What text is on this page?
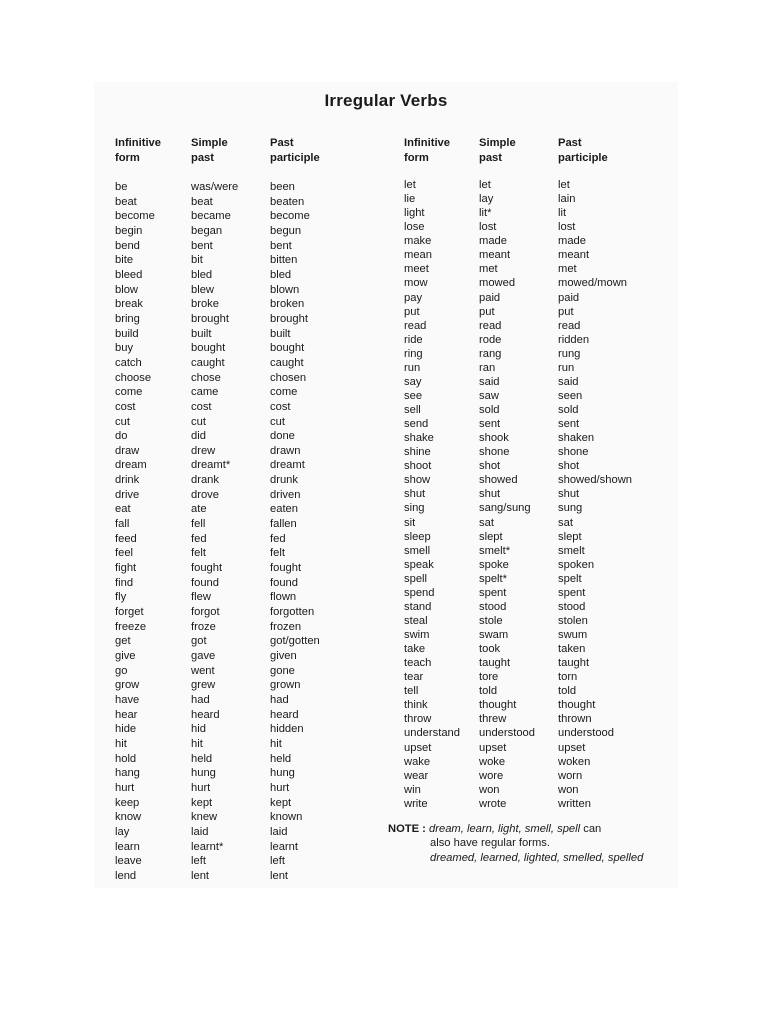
Irregular Verbs
Infinitive
form
be
beat
become
begin
bend
bite
bleed
blow
break
bring
build
buy
catch
choose
come
cost
cut
do
draw
dream
drink
drive
eat
fall
feed
feel
fight
find
fly
forget
freeze
get
give
go
grow
have
hear
hide
hit
hold
hang
hurt
keep
know
lay
learn
leave
lend
Simple
past
was/were
beat
became
began
bent
bit
bled
blew
broke
brought
built
bought
caught
chose
came
cost
cut
did
drew
dreamt*
drank
drove
ate
fell
fed
felt
fought
found
flew
forgot
froze
got
gave
went
grew
had
heard
hid
hit
held
hung
hurt
kept
knew
laid
learnt*
left
lent
Past
participle
been
beaten
become
begun
bent
bitten
bled
blown
broken
brought
built
bought
caught
chosen
come
cost
cut
done
drawn
dreamt
drunk
driven
eaten
fallen
fed
felt
fought
found
flown
forgotten
frozen
got/gotten
given
gone
grown
had
heard
hidden
hit
held
hung
hurt
kept
known
laid
learnt
left
lent
Infinitive
form
let
lie
light
lose
make
mean
meet
mow
pay
put
read
ride
ring
run
say
see
sell
send
shake
shine
shoot
show
shut
sing
sit
sleep
smell
speak
spell
spend
stand
steal
swim
take
teach
tear
tell
think
throw
understand
upset
wake
wear
win
write
Simple
past
let
lay
lit*
lost
made
meant
met
mowed
paid
put
read
rode
rang
ran
said
saw
sold
sent
shook
shone
shot
showed
shut
sang/sung
sat
slept
smelt*
spoke
spelt*
spent
stood
stole
swam
took
taught
tore
told
thought
threw
understood
upset
woke
wore
won
wrote
Past
participle
let
lain
lit
lost
made
meant
met
mowed/mown
paid
put
read
ridden
rung
run
said
seen
sold
sent
shaken
shone
shot
showed/shown
shut
sung
sat
slept
smelt
spoken
spelt
spent
stood
stolen
swum
taken
taught
torn
told
thought
thrown
understood
upset
woken
worn
won
written
NOTE : dream, learn, light, smell, spell can
also have regular forms.
dreamed, learned, lighted, smelled, spelled
